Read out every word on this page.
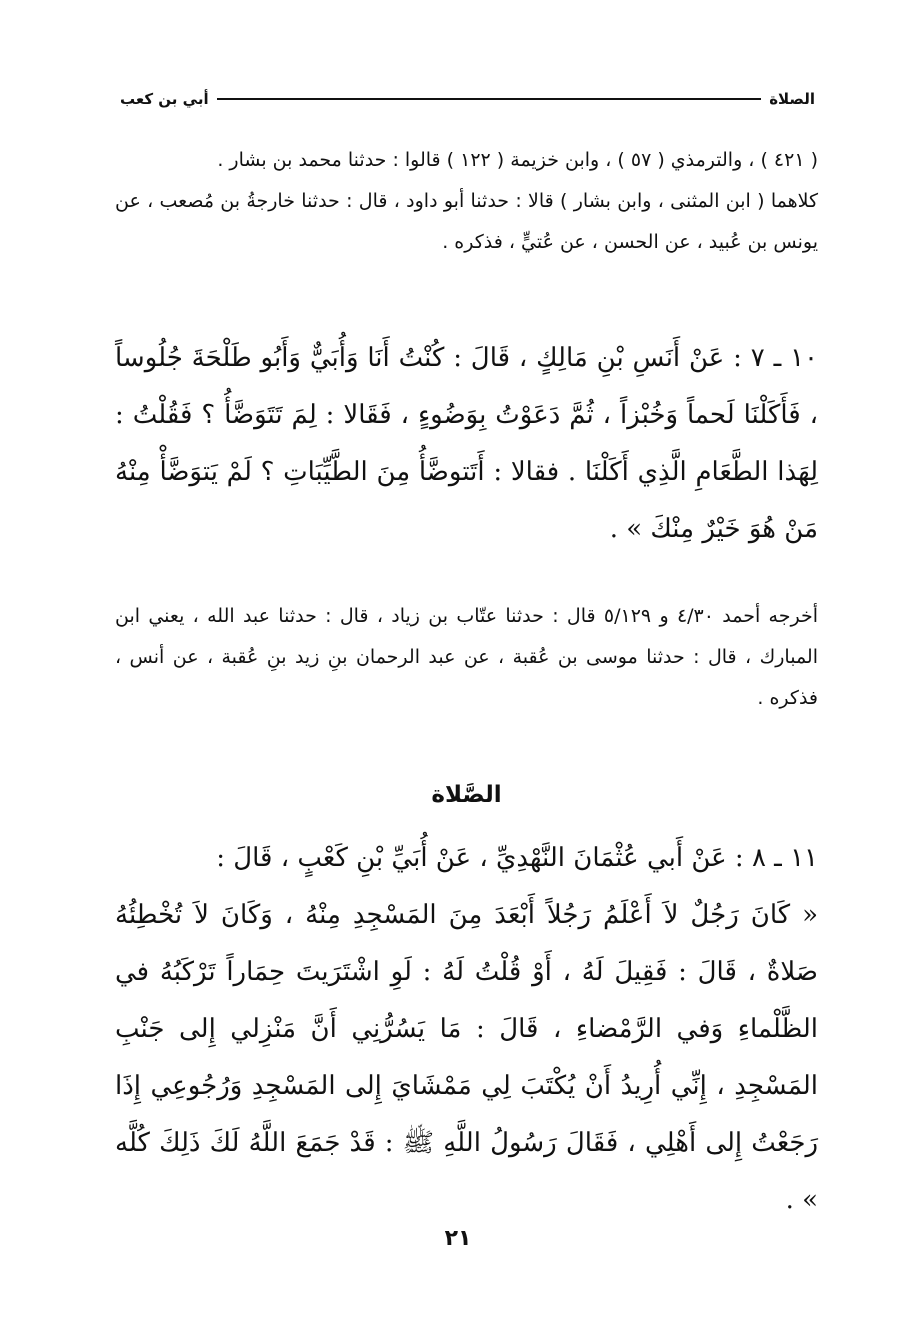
الصلاة
أبي بن كعب
( ٤٢١ ) ، والترمذي ( ٥٧ ) ، وابن خزيمة ( ١٢٢ ) قالوا : حدثنا محمد بن بشار .
كلاهما ( ابن المثنى ، وابن بشار ) قالا : حدثنا أبو داود ، قال : حدثنا خارجةُ بن مُصعب ، عن يونس بن عُبيد ، عن الحسن ، عن عُتيٍّ ، فذكره .
١٠ ـ ٧ : عَنْ أَنَسِ بْنِ مَالِكٍ ، قَالَ : كُنْتُ أَنَا وَأُبَيٌّ وَأَبُو طَلْحَةَ جُلُوساً ، فَأَكَلْنَا لَحماً وَخُبْزاً ، ثُمَّ دَعَوْتُ بِوَضُوءٍ ، فَقَالا : لِمَ تَتَوَضَّأُ ؟ فَقُلْتُ : لِهَذا الطَّعَامِ الَّذِي أَكَلْنَا . فقالا : أَتَتوضَّأُ مِنَ الطَّيِّبَاتِ ؟ لَمْ يَتوَضَّأْ مِنْهُ مَنْ هُوَ خَيْرٌ مِنْكَ » .
أخرجه أحمد ٤/٣٠ و ٥/١٢٩ قال : حدثنا عتّاب بن زياد ، قال : حدثنا عبد الله ، يعني ابن المبارك ، قال : حدثنا موسى بن عُقبة ، عن عبد الرحمان بنِ زيد بنِ عُقبة ، عن أنس ، فذكره .
الصَّلاة
١١ ـ ٨ : عَنْ أَبي عُثْمَانَ النَّهْدِيِّ ، عَنْ أُبَيِّ بْنِ كَعْبٍ ، قَالَ :
« كَانَ رَجُلٌ لاَ أَعْلَمُ رَجُلاً أَبْعَدَ مِنَ المَسْجِدِ مِنْهُ ، وَكَانَ لاَ تُخْطِئُهُ صَلاةٌ ، قَالَ : فَقِيلَ لَهُ ، أَوْ قُلْتُ لَهُ : لَوِ اشْتَرَيتَ حِمَاراً تَرْكَبُهُ في الظَّلْماءِ وَفي الرَّمْضاءِ ، قَالَ : مَا يَسُرُّنِي أَنَّ مَنْزِلي إِلى جَنْبِ المَسْجِدِ ، إِنِّي أُرِيدُ أَنْ يُكْتَبَ لِي مَمْشَايَ إِلى المَسْجِدِ وَرُجُوعِي إِذَا رَجَعْتُ إِلى أَهْلِي ، فَقَالَ رَسُولُ اللَّهِ ﷺ : قَدْ جَمَعَ اللَّهُ لَكَ ذَلِكَ كُلَّه » .
٢١
